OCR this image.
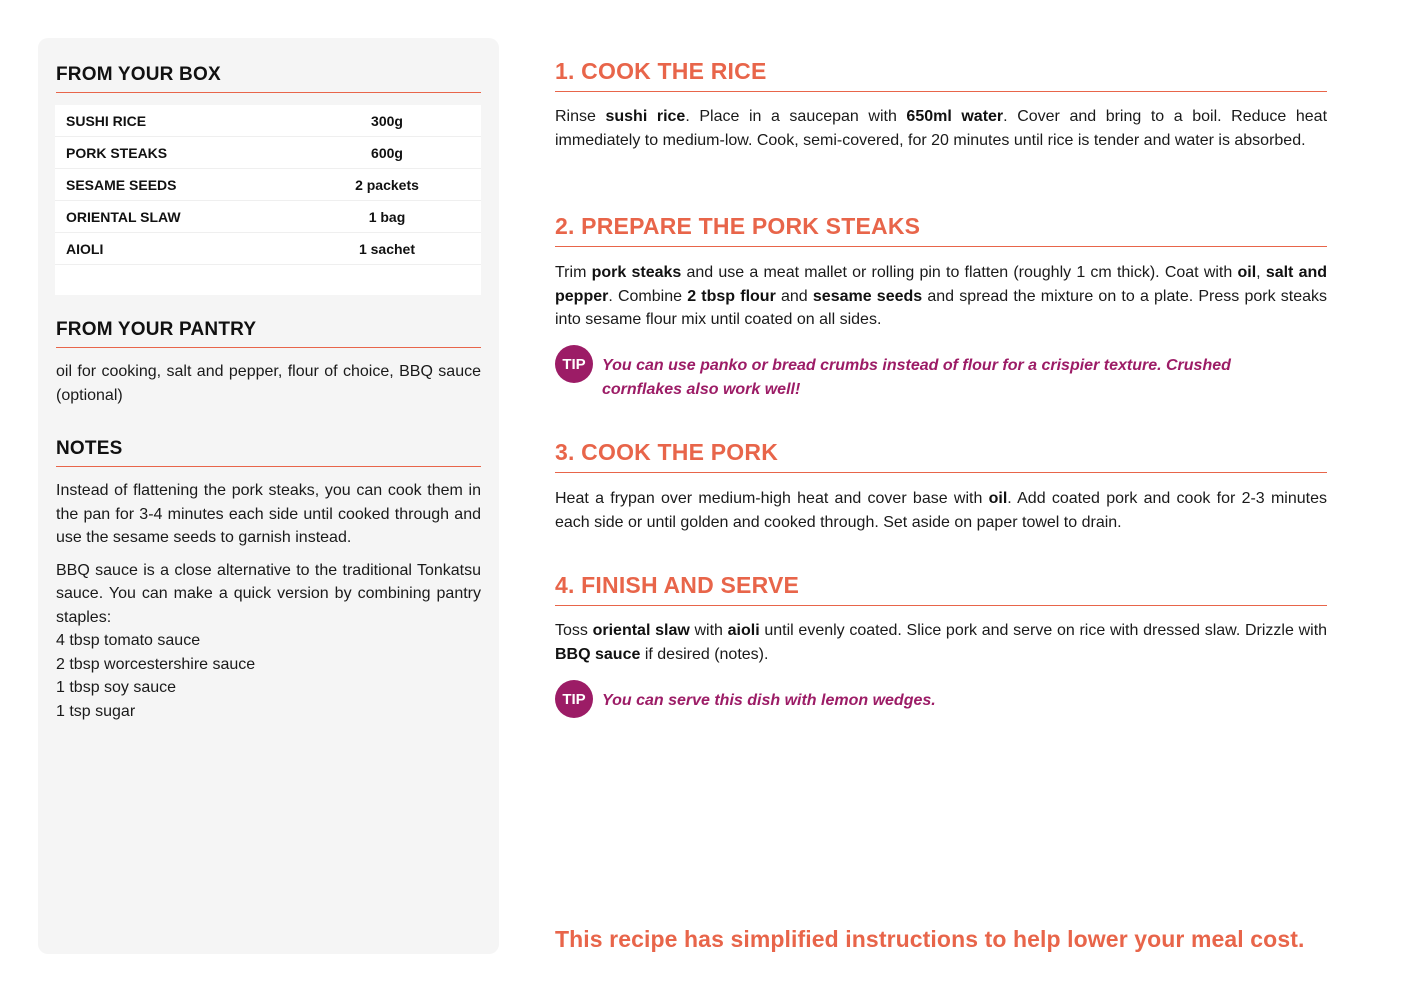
FROM YOUR BOX
SUSHI RICE	300g
PORK STEAKS	600g
SESAME SEEDS	2 packets
ORIENTAL SLAW	1 bag
AIOLI	1 sachet
FROM YOUR PANTRY

oil for cooking, salt and pepper, flour of choice, BBQ sauce (optional)

NOTES

Instead of flattening the pork steaks, you can cook them in the pan for 3-4 minutes each side until cooked through and use the sesame seeds to garnish instead.

BBQ sauce is a close alternative to the traditional Tonkatsu sauce. You can make a quick version by combining pantry staples:

4 tbsp tomato sauce
2 tbsp worcestershire sauce
1 tbsp soy sauce
1 tsp sugar
1. COOK THE RICE
Rinse sushi rice. Place in a saucepan with 650ml water. Cover and bring to a boil. Reduce heat immediately to medium-low. Cook, semi-covered, for 20 minutes until rice is tender and water is absorbed.
2. PREPARE THE PORK STEAKS
Trim pork steaks and use a meat mallet or rolling pin to flatten (roughly 1 cm thick). Coat with oil, salt and pepper. Combine 2 tbsp flour and sesame seeds and spread the mixture on to a plate. Press pork steaks into sesame flour mix until coated on all sides.
TIP	You can use panko or bread crumbs instead of flour for a crispier texture. Crushed cornflakes also work well!
3. COOK THE PORK
Heat a frypan over medium-high heat and cover base with oil. Add coated pork and cook for 2-3 minutes each side or until golden and cooked through. Set aside on paper towel to drain.
4. FINISH AND SERVE
Toss oriental slaw with aioli until evenly coated. Slice pork and serve on rice with dressed slaw. Drizzle with BBQ sauce if desired (notes).
TIP	You can serve this dish with lemon wedges.
This recipe has simplified instructions to help lower your meal cost.
